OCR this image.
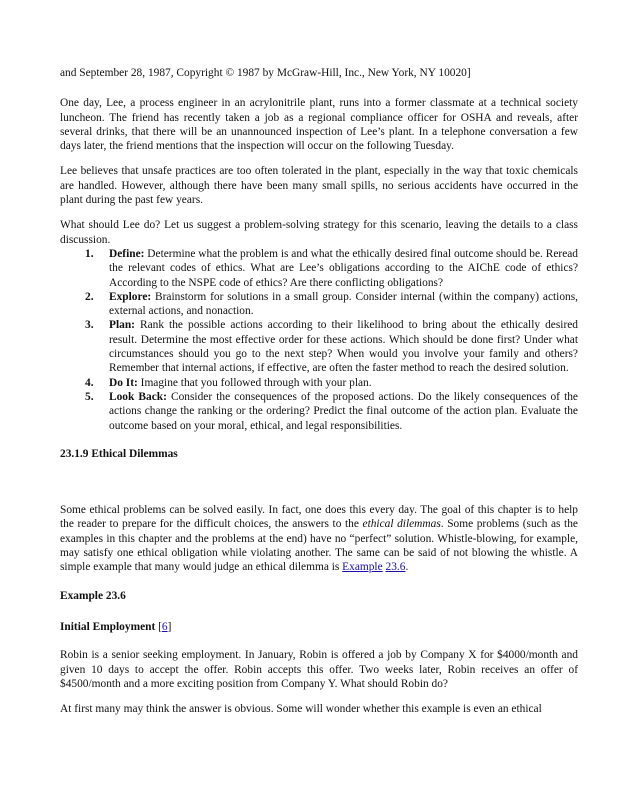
and September 28, 1987, Copyright © 1987 by McGraw-Hill, Inc., New York, NY 10020]

One day, Lee, a process engineer in an acrylonitrile plant, runs into a former classmate at a technical society luncheon. The friend has recently taken a job as a regional compliance officer for OSHA and reveals, after several drinks, that there will be an unannounced inspection of Lee’s plant. In a telephone conversation a few days later, the friend mentions that the inspection will occur on the following Tuesday.

Lee believes that unsafe practices are too often tolerated in the plant, especially in the way that toxic chemicals are handled. However, although there have been many small spills, no serious accidents have occurred in the plant during the past few years.

What should Lee do? Let us suggest a problem-solving strategy for this scenario, leaving the details to a class discussion.

1. Define: Determine what the problem is and what the ethically desired final outcome should be. Reread the relevant codes of ethics. What are Lee’s obligations according to the AIChE code of ethics? According to the NSPE code of ethics? Are there conflicting obligations?
2. Explore: Brainstorm for solutions in a small group. Consider internal (within the company) actions, external actions, and nonaction.
3. Plan: Rank the possible actions according to their likelihood to bring about the ethically desired result. Determine the most effective order for these actions. Which should be done first? Under what circumstances should you go to the next step? When would you involve your family and others? Remember that internal actions, if effective, are often the faster method to reach the desired solution.
4. Do It: Imagine that you followed through with your plan.
5. Look Back: Consider the consequences of the proposed actions. Do the likely consequences of the actions change the ranking or the ordering? Predict the final outcome of the action plan. Evaluate the outcome based on your moral, ethical, and legal responsibilities.
23.1.9 Ethical Dilemmas

Some ethical problems can be solved easily. In fact, one does this every day. The goal of this chapter is to help the reader to prepare for the difficult choices, the answers to the ethical dilemmas. Some problems (such as the examples in this chapter and the problems at the end) have no “perfect” solution. Whistle-blowing, for example, may satisfy one ethical obligation while violating another. The same can be said of not blowing the whistle. A simple example that many would judge an ethical dilemma is Example 23.6.

Example 23.6
Initial Employment [6]

Robin is a senior seeking employment. In January, Robin is offered a job by Company X for $4000/month and given 10 days to accept the offer. Robin accepts this offer. Two weeks later, Robin receives an offer of $4500/month and a more exciting position from Company Y. What should Robin do?

At first many may think the answer is obvious. Some will wonder whether this example is even an ethical
